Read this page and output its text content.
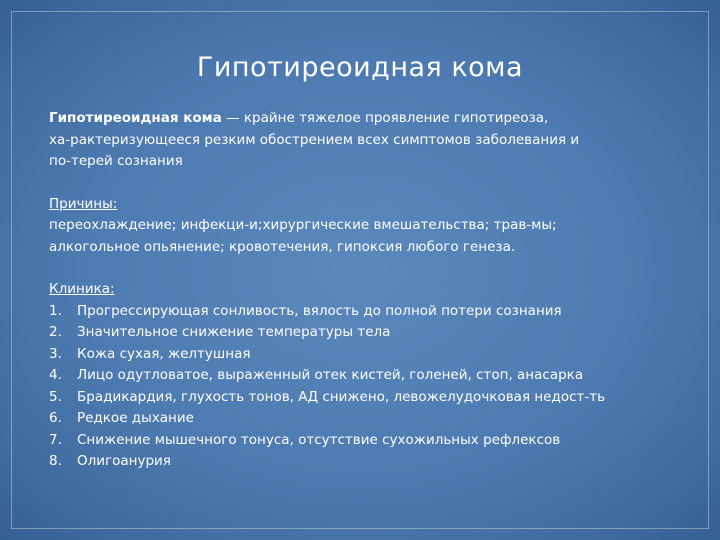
Гипотиреоидная кома
Гипотиреоидная кома — крайне тяжелое проявление гипотиреоза,
ха-рактеризующееся резким обострением всех симптомов заболевания и
по-терей сознания
Причины:
переохлаждение; инфекци-и;хирургические вмешательства; трав-мы;
алкогольное опьянение; кровотечения, гипоксия любого генеза.
Клиника:
1.	Прогрессирующая сонливость, вялость до полной потери сознания
2.	Значительное снижение температуры тела
3.	Кожа сухая, желтушная
4.	Лицо одутловатое, выраженный отек кистей, голеней, стоп, анасарка
5.	Брадикардия, глухость тонов, АД снижено, левожелудочковая недост-ть
6.	Редкое дыхание
7.	Снижение мышечного тонуса, отсутствие сухожильных рефлексов
8.	Олигоанурия
